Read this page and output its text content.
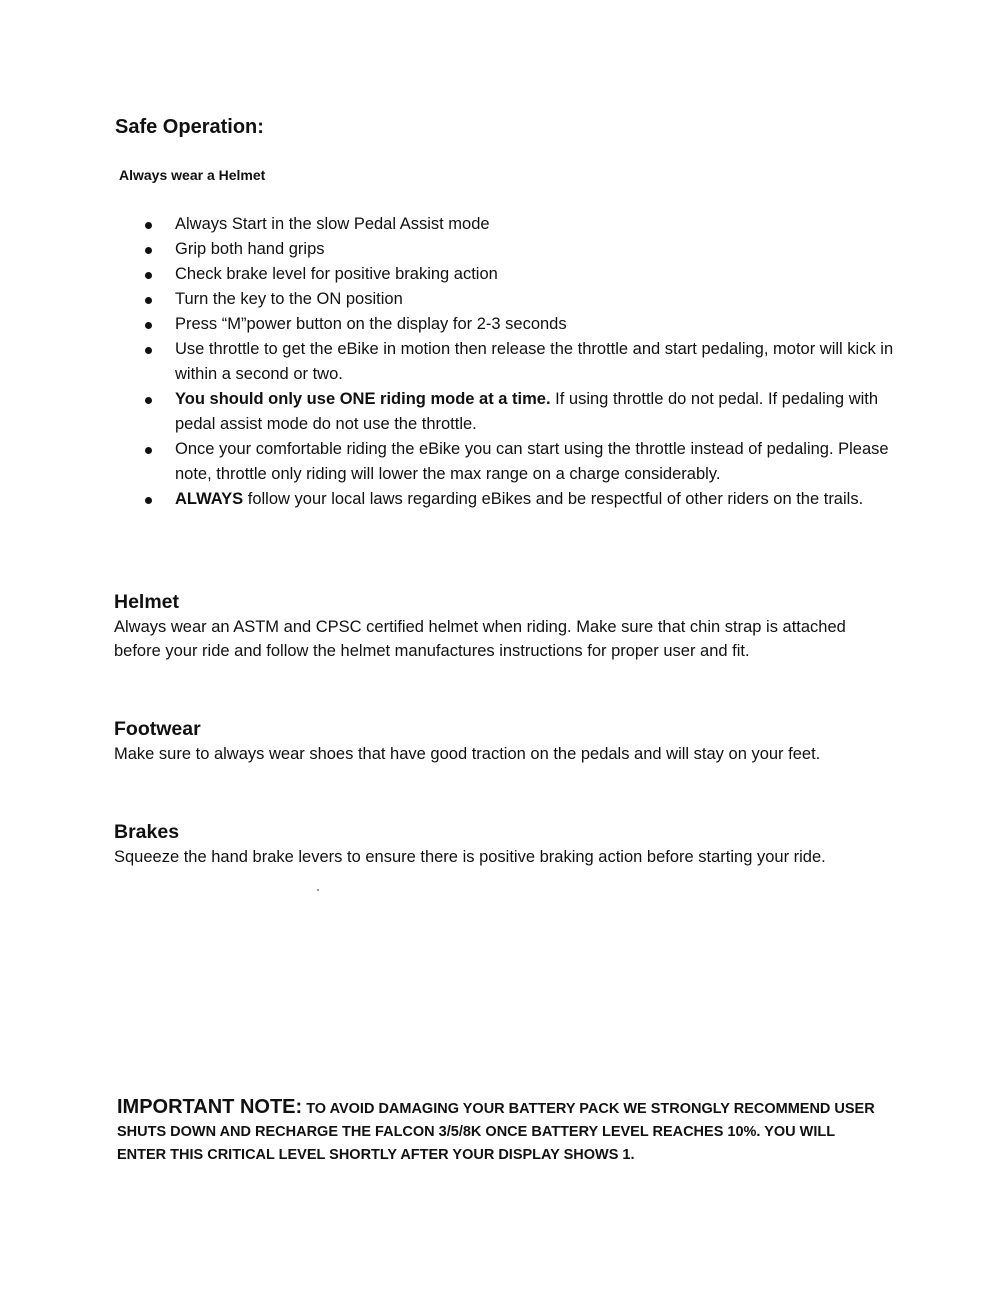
Safe Operation:
Always wear a Helmet
Always Start in the slow Pedal Assist mode
Grip both hand grips
Check brake level for positive braking action
Turn the key to the ON position
Press “M”power button on the display for 2-3 seconds
Use throttle to get the eBike in motion then release the throttle and start pedaling, motor will kick in within a second or two.
You should only use ONE riding mode at a time. If using throttle do not pedal. If pedaling with pedal assist mode do not use the throttle.
Once your comfortable riding the eBike you can start using the throttle instead of pedaling. Please note, throttle only riding will lower the max range on a charge considerably.
ALWAYS follow your local laws regarding eBikes and be respectful of other riders on the trails.
Helmet

Always wear an ASTM and CPSC certified helmet when riding. Make sure that chin strap is attached before your ride and follow the helmet manufactures instructions for proper user and fit.

Footwear

Make sure to always wear shoes that have good traction on the pedals and will stay on your feet.

Brakes

Squeeze the hand brake levers to ensure there is positive braking action before starting your ride.

IMPORTANT NOTE: TO AVOID DAMAGING YOUR BATTERY PACK WE STRONGLY RECOMMEND USER SHUTS DOWN AND RECHARGE THE FALCON 3/5/8K ONCE BATTERY LEVEL REACHES 10%. YOU WILL ENTER THIS CRITICAL LEVEL SHORTLY AFTER YOUR DISPLAY SHOWS 1.
